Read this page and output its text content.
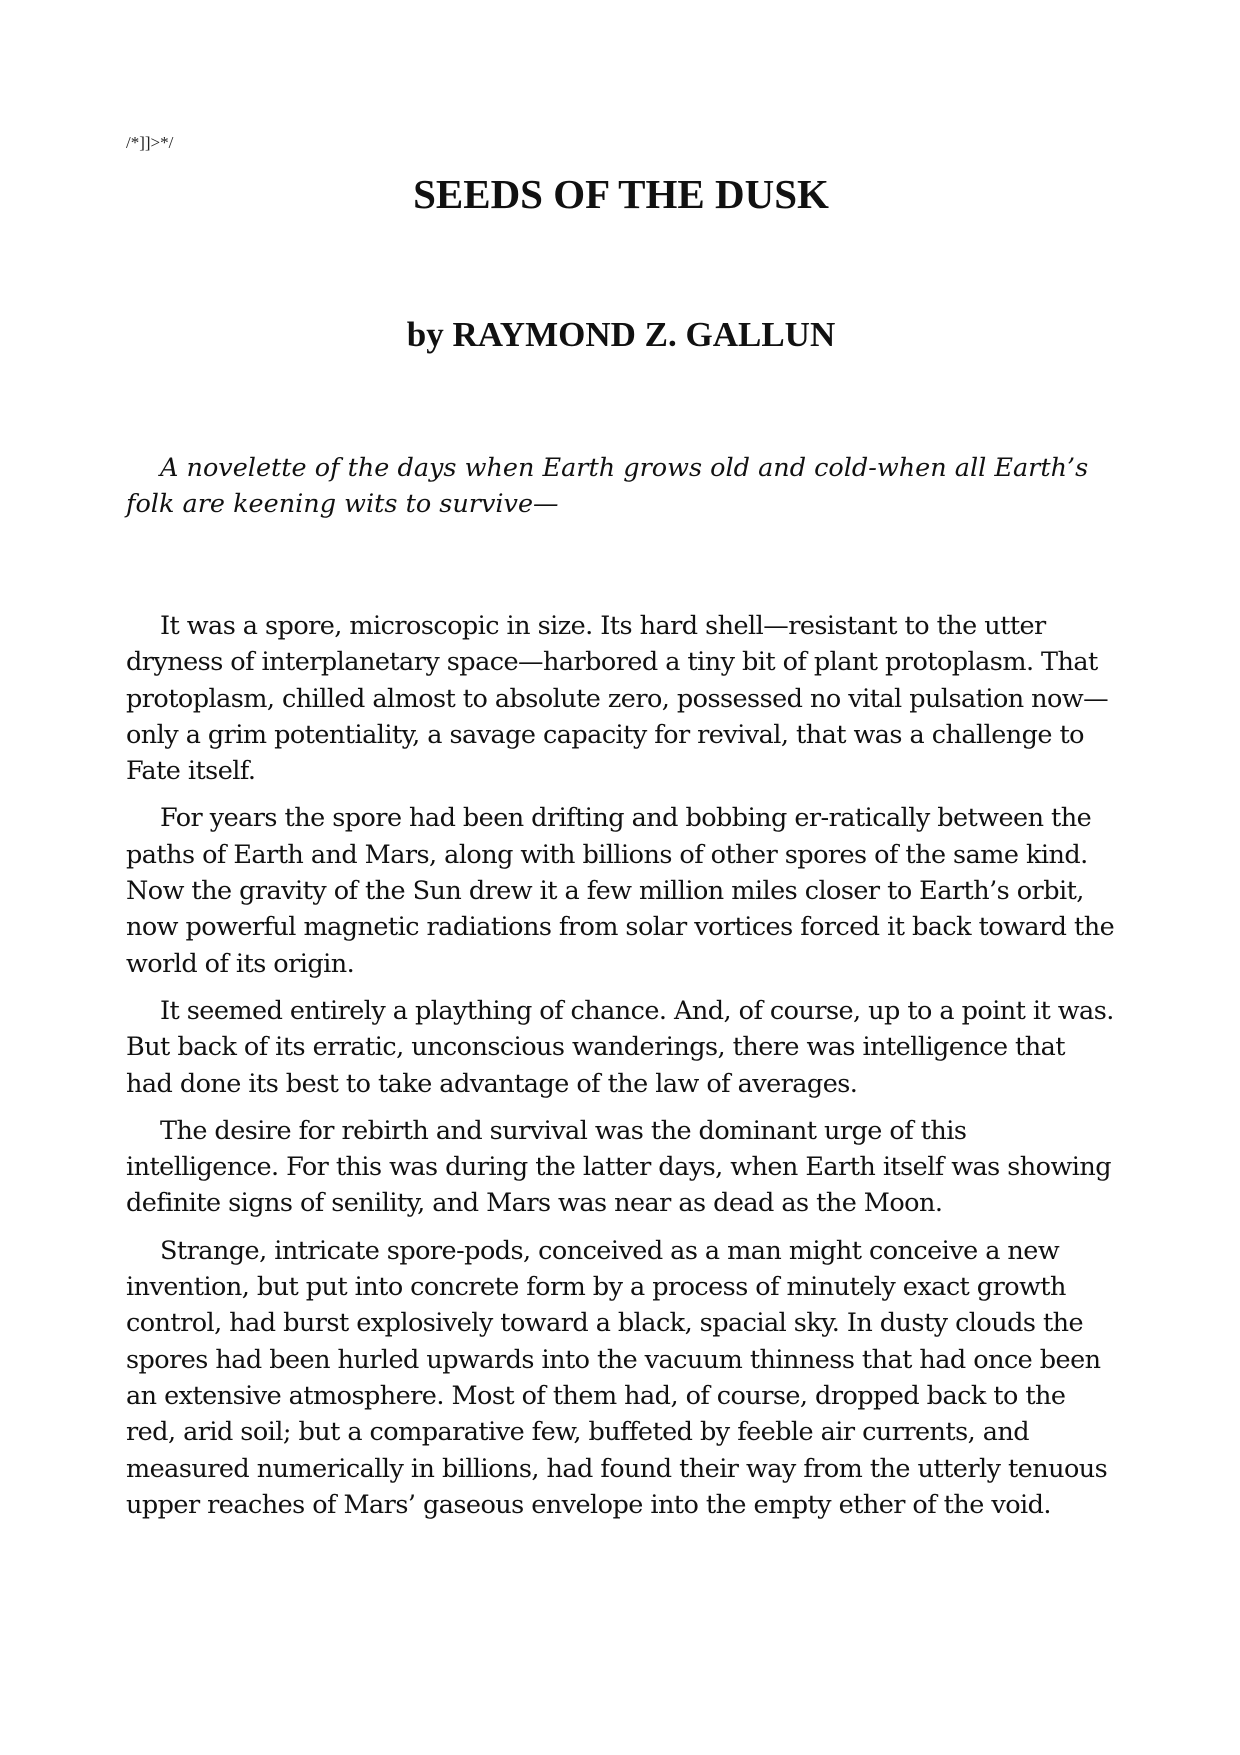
/*]]>*/
SEEDS OF THE DUSK
by RAYMOND Z. GALLUN

A novelette of the days when Earth grows old and cold-when all Earth’s folk are keening wits to survive—

It was a spore, microscopic in size. Its hard shell—resistant to the utter dryness of interplanetary space—harbored a tiny bit of plant protoplasm. That protoplasm, chilled almost to absolute zero, possessed no vital pulsation now— only a grim potentiality, a savage capacity for revival, that was a challenge to Fate itself.

For years the spore had been drifting and bobbing er-ratically between the paths of Earth and Mars, along with billions of other spores of the same kind. Now the gravity of the Sun drew it a few million miles closer to Earth’s orbit, now powerful magnetic radiations from solar vortices forced it back toward the world of its origin.

It seemed entirely a plaything of chance. And, of course, up to a point it was. But back of its erratic, unconscious wanderings, there was intelligence that had done its best to take advantage of the law of averages.

The desire for rebirth and survival was the dominant urge of this intelligence. For this was during the latter days, when Earth itself was showing definite signs of senility, and Mars was near as dead as the Moon.

Strange, intricate spore-pods, conceived as a man might conceive a new invention, but put into concrete form by a process of minutely exact growth control, had burst explosively toward a black, spacial sky. In dusty clouds the spores had been hurled upwards into the vacuum thinness that had once been an extensive atmosphere. Most of them had, of course, dropped back to the red, arid soil; but a comparative few, buffeted by feeble air currents, and measured numerically in billions, had found their way from the utterly tenuous upper reaches of Mars’ gaseous envelope into the empty ether of the void.
